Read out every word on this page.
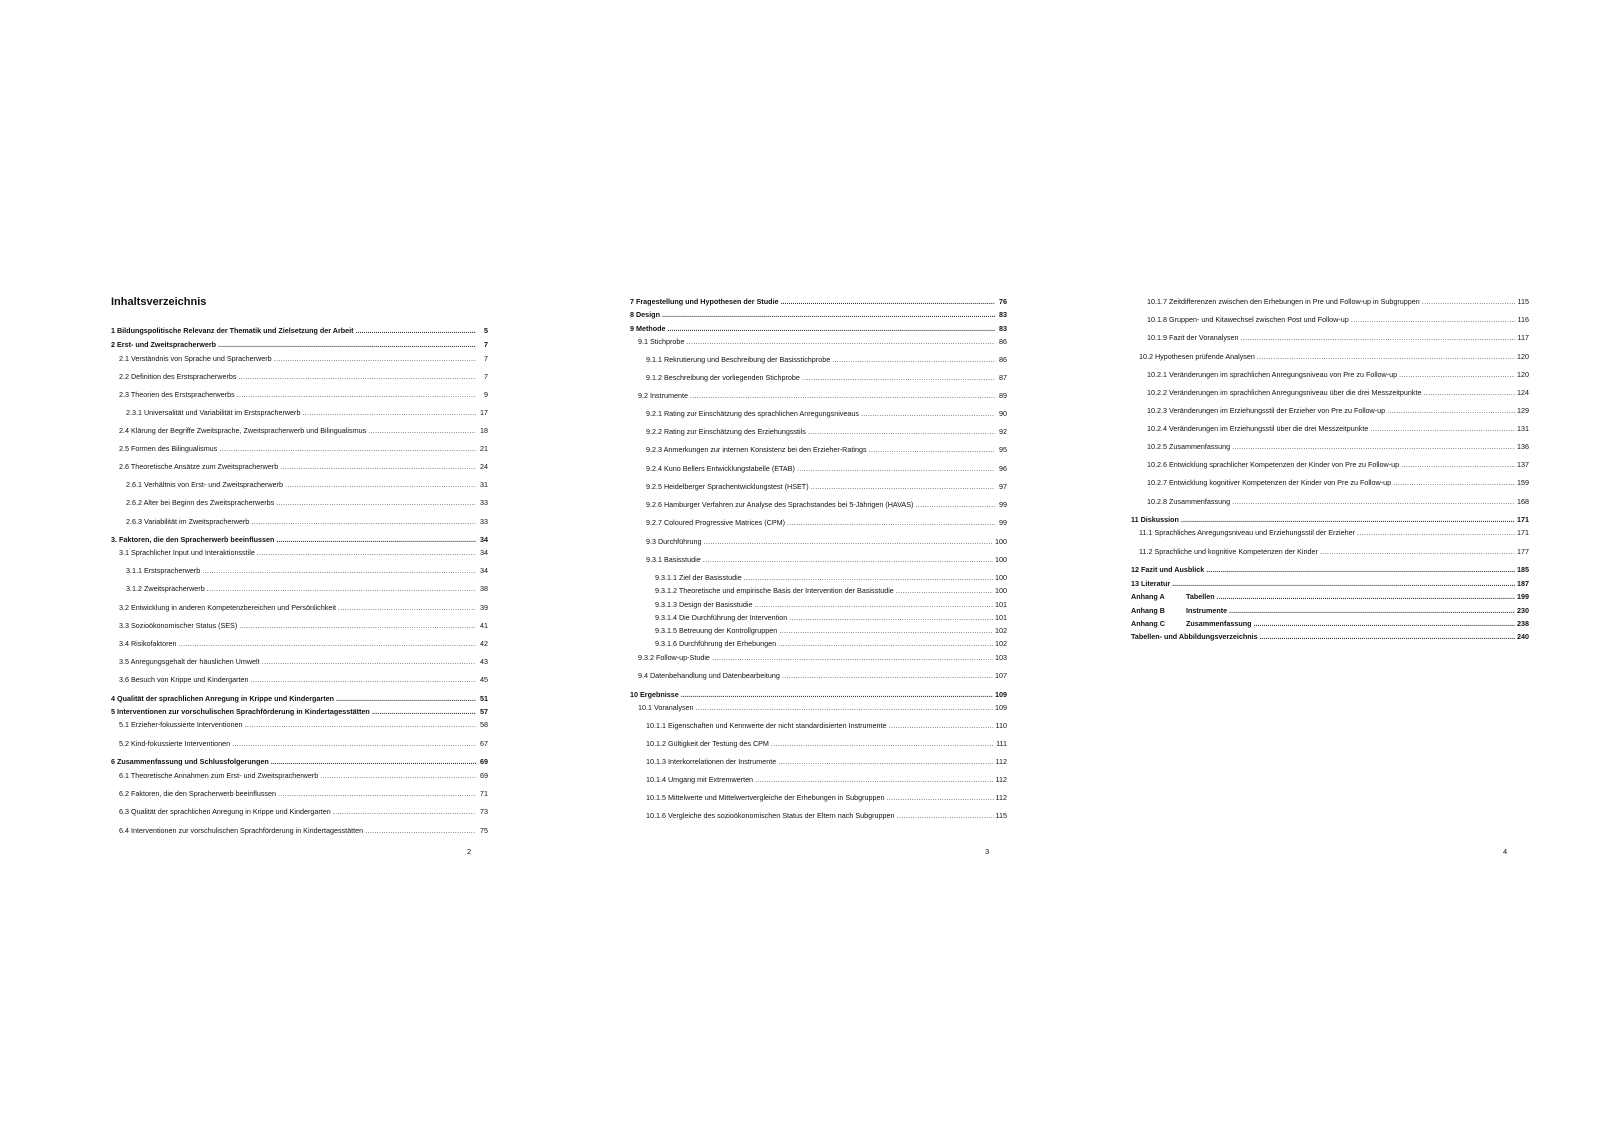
Inhaltsverzeichnis
1 Bildungspolitische Relevanz der Thematik und Zielsetzung der Arbeit .....	5
2 Erst- und Zweitspracherwerb .....	7
2.1 Verständnis von Sprache und Spracherwerb .....	7
2.2 Definition des Erstspracherwerbs .....	7
2.3 Theorien des Erstspracherwerbs .....	9
2.3.1 Universalität und Variabilität im Erstspracherwerb .....	17
2.4 Klärung der Begriffe Zweitsprache, Zweitspracherwerb und Bilingualismus .....	18
2.5 Formen des Bilingualismus .....	21
2.6 Theoretische Ansätze zum Zweitspracherwerb .....	24
2.6.1 Verhältnis von Erst- und Zweitspracherwerb .....	31
2.6.2 Alter bei Beginn des Zweitspracherwerbs .....	33
2.6.3 Variabilität im Zweitspracherwerb .....	33
3. Faktoren, die den Spracherwerb beeinflussen .....	34
3.1 Sprachlicher Input und Interaktionsstile .....	34
3.1.1 Erstspracherwerb .....	34
3.1.2 Zweitspracherwerb .....	38
3.2 Entwicklung in anderen Kompetenzbereichen und Persönlichkeit .....	39
3.3 Sozioökonomischer Status (SES) .....	41
3.4 Risikofaktoren .....	42
3.5 Anregungsgehalt der häuslichen Umwelt .....	43
3.6 Besuch von Krippe und Kindergarten .....	45
4 Qualität der sprachlichen Anregung in Krippe und Kindergarten .....	51
5 Interventionen zur vorschulischen Sprachförderung in Kindertagesstätten .....	57
5.1 Erzieher-fokussierte Interventionen .....	58
5.2 Kind-fokussierte Interventionen .....	67
6 Zusammenfassung und Schlussfolgerungen .....	69
6.1 Theoretische Annahmen zum Erst- und Zweitspracherwerb .....	69
6.2 Faktoren, die den Spracherwerb beeinflussen .....	71
6.3 Qualität der sprachlichen Anregung in Krippe und Kindergarten .....	73
6.4 Interventionen zur vorschulischen Sprachförderung in Kindertagesstätten .....	75
7 Fragestellung und Hypothesen der Studie .....	76
8 Design .....	83
9 Methode .....	83
9.1 Stichprobe .....	86
9.1.1 Rekrutierung und Beschreibung der Basisstichprobe .....	86
9.1.2 Beschreibung der vorliegenden Stichprobe .....	87
9.2 Instrumente .....	89
9.2.1 Rating zur Einschätzung des sprachlichen Anregungsniveaus .....	90
9.2.2 Rating zur Einschätzung des Erziehungsstils .....	92
9.2.3 Anmerkungen zur internen Konsistenz bei den Erzieher-Ratings .....	95
9.2.4 Kuno Bellers Entwicklungstabelle (ETAB) .....	96
9.2.5 Heidelberger Sprachentwicklungstest (HSET) .....	97
9.2.6 Hamburger Verfahren zur Analyse des Sprachstandes bei 5-Jährigen (HAVAS) .....	99
9.2.7 Coloured Progressive Matrices (CPM) .....	99
9.3 Durchführung .....	100
9.3.1 Basisstudie .....	100
9.3.1.1 Ziel der Basisstudie .....	100
9.3.1.2 Theoretische und empirische Basis der Intervention der Basisstudie .....	100
9.3.1.3 Design der Basisstudie .....	101
9.3.1.4 Die Durchführung der Intervention .....	101
9.3.1.5 Betreuung der Kontrollgruppen .....	102
9.3.1.6 Durchführung der Erhebungen .....	102
9.3.2 Follow-up-Studie .....	103
9.4 Datenbehandlung und Datenbearbeitung .....	107
10 Ergebnisse .....	109
10.1 Voranalysen .....	109
10.1.1 Eigenschaften und Kennwerte der nicht standardisierten Instrumente .....	110
10.1.2 Gültigkeit der Testung des CPM .....	111
10.1.3 Interkorrelationen der Instrumente .....	112
10.1.4 Umgang mit Extremwerten .....	112
10.1.5 Mittelwerte und Mittelwertvergleiche der Erhebungen in Subgruppen .....	112
10.1.6 Vergleiche des sozioökonomischen Status der Eltern nach Subgruppen .....	115
10.1.7 Zeitdifferenzen zwischen den Erhebungen in Pre und Follow-up in Subgruppen .....	115
10.1.8 Gruppen- und Kitawechsel zwischen Post und Follow-up .....	116
10.1.9 Fazit der Voranalysen .....	117
10.2 Hypothesen prüfende Analysen .....	120
10.2.1 Veränderungen im sprachlichen Anregungsniveau von Pre zu Follow-up .....	120
10.2.2 Veränderungen im sprachlichen Anregungsniveau über die drei Messzeitpunkte .....	124
10.2.3 Veränderungen im Erziehungsstil der Erzieher von Pre zu Follow-up .....	129
10.2.4 Veränderungen im Erziehungsstil über die drei Messzeitpunkte .....	131
10.2.5 Zusammenfassung .....	136
10.2.6 Entwicklung sprachlicher Kompetenzen der Kinder von Pre zu Follow-up .....	137
10.2.7 Entwicklung kognitiver Kompetenzen der Kinder von Pre zu Follow-up .....	159
10.2.8 Zusammenfassung .....	168
11 Diskussion .....	171
11.1 Sprachliches Anregungsniveau und Erziehungsstil der Erzieher .....	171
11.2 Sprachliche und kognitive Kompetenzen der Kinder .....	177
12 Fazit und Ausblick .....	185
13 Literatur .....	187
Anhang A	Tabellen .....	199
Anhang B	Instrumente .....	230
Anhang C	Zusammenfassung .....	238
Tabellen- und Abbildungsverzeichnis .....	240
2	3	4
